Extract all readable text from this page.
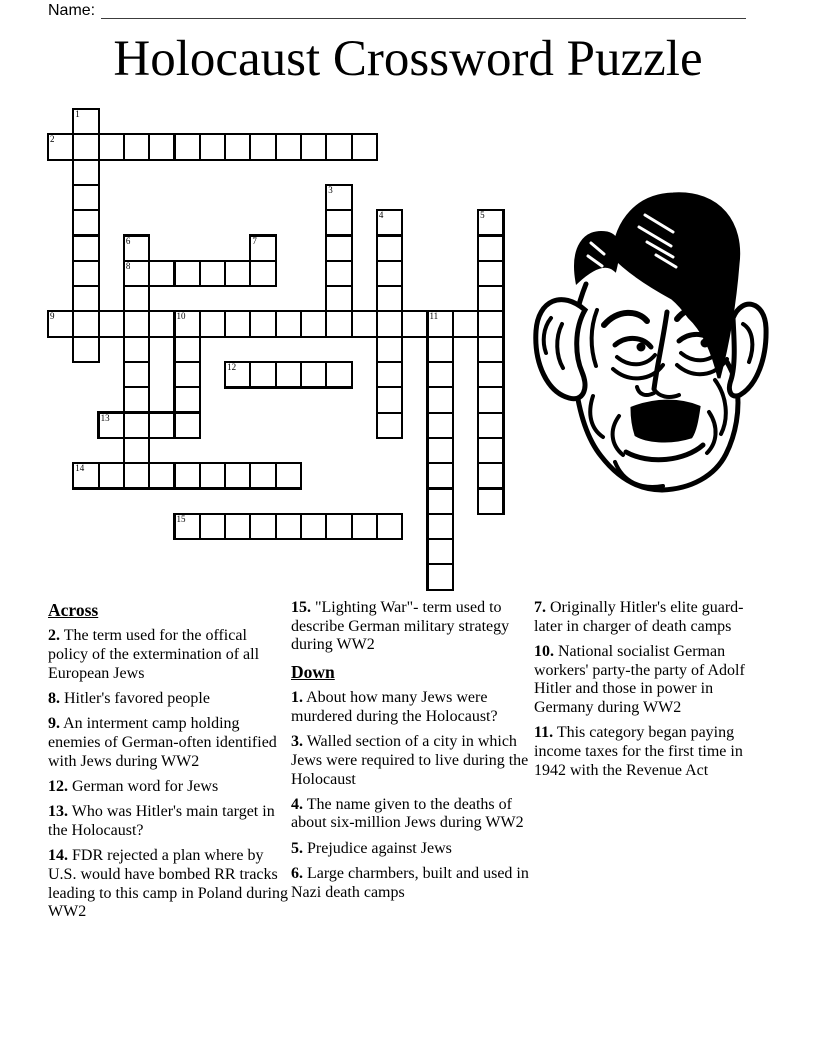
Name:
Holocaust Crossword Puzzle
1
2
3
4	5
6
8
7
9	10	11
12
13
14
15
Across

2. The term used for the offical policy of the extermination of all European Jews

8. Hitler's favored people

9. An interment camp holding enemies of German-often identified with Jews during WW2

12. German word for Jews

13. Who was Hitler's main target in the Holocaust?

14. FDR rejected a plan where by U.S. would have bombed RR tracks leading to this camp in Poland during WW2

15. "Lighting War"- term used to describe German military strategy during WW2

Down

1. About how many Jews were murdered during the Holocaust?

3. Walled section of a city in which Jews were required to live during the Holocaust

4. The name given to the deaths of about six-million Jews during WW2

5. Prejudice against Jews

6. Large charmbers, built and used in Nazi death camps

7. Originally Hitler's elite guard- later in charger of death camps

10. National socialist German workers' party-the party of Adolf Hitler and those in power in Germany during WW2

11. This category began paying income taxes for the first time in 1942 with the Revenue Act
